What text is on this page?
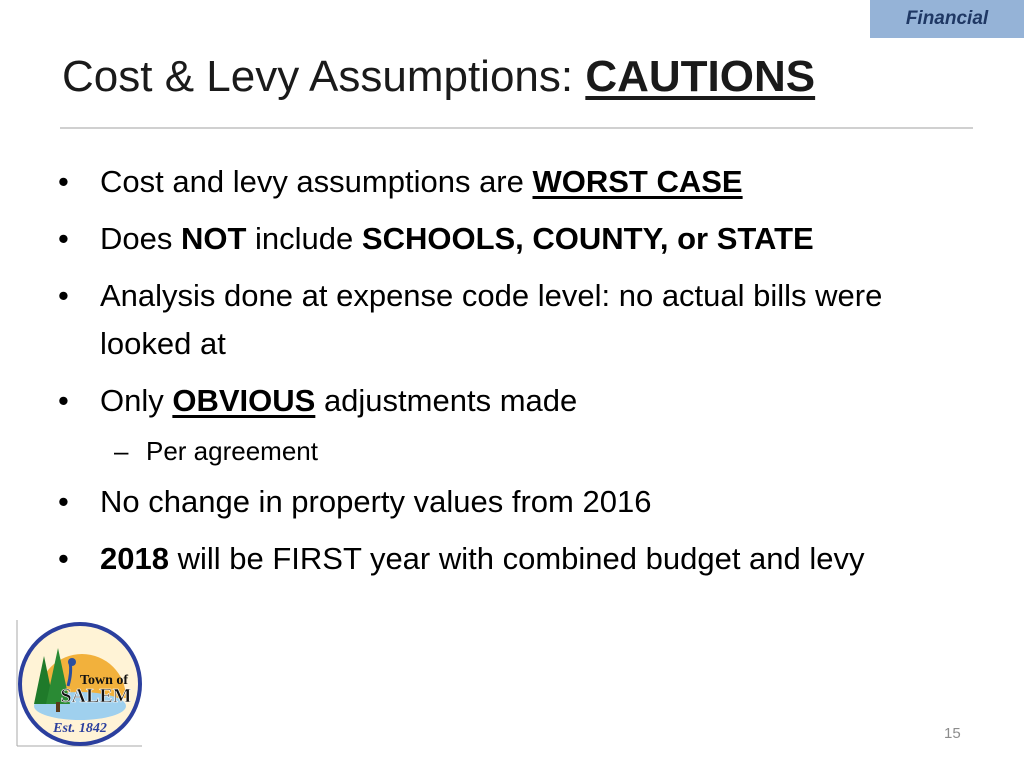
Financial
Cost & Levy Assumptions: CAUTIONS
• Cost and levy assumptions are WORST CASE
• Does NOT include SCHOOLS, COUNTY, or STATE
• Analysis done at expense code level: no actual bills were looked at
• Only OBVIOUS adjustments made
– Per agreement
• No change in property values from 2016
• 2018 will be FIRST year with combined budget and levy
Town of
SALEM
Est. 1842	15
